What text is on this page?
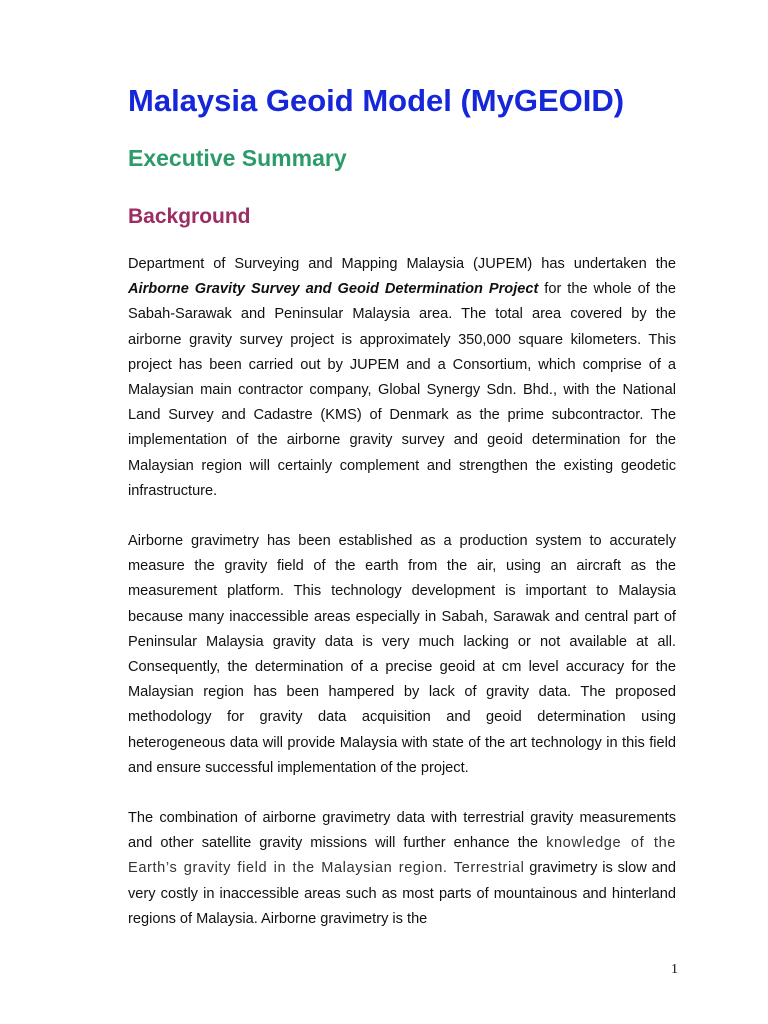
Malaysia Geoid Model (MyGEOID)
Executive Summary
Background

Department of Surveying and Mapping Malaysia (JUPEM) has undertaken the Airborne Gravity Survey and Geoid Determination Project for the whole of the Sabah-Sarawak and Peninsular Malaysia area. The total area covered by the airborne gravity survey project is approximately 350,000 square kilometers. This project has been carried out by JUPEM and a Consortium, which comprise of a Malaysian main contractor company, Global Synergy Sdn. Bhd., with the National Land Survey and Cadastre (KMS) of Denmark as the prime subcontractor. The implementation of the airborne gravity survey and geoid determination for the Malaysian region will certainly complement and strengthen the existing geodetic infrastructure.

Airborne gravimetry has been established as a production system to accurately measure the gravity field of the earth from the air, using an aircraft as the measurement platform. This technology development is important to Malaysia because many inaccessible areas especially in Sabah, Sarawak and central part of Peninsular Malaysia gravity data is very much lacking or not available at all. Consequently, the determination of a precise geoid at cm level accuracy for the Malaysian region has been hampered by lack of gravity data. The proposed methodology for gravity data acquisition and geoid determination using heterogeneous data will provide Malaysia with state of the art technology in this field and ensure successful implementation of the project.

The combination of airborne gravimetry data with terrestrial gravity measurements and other satellite gravity missions will further enhance the knowledge of the Earth’s gravity field in the Malaysian region. Terrestrial gravimetry is slow and very costly in inaccessible areas such as most parts of mountainous and hinterland regions of Malaysia. Airborne gravimetry is the

1
